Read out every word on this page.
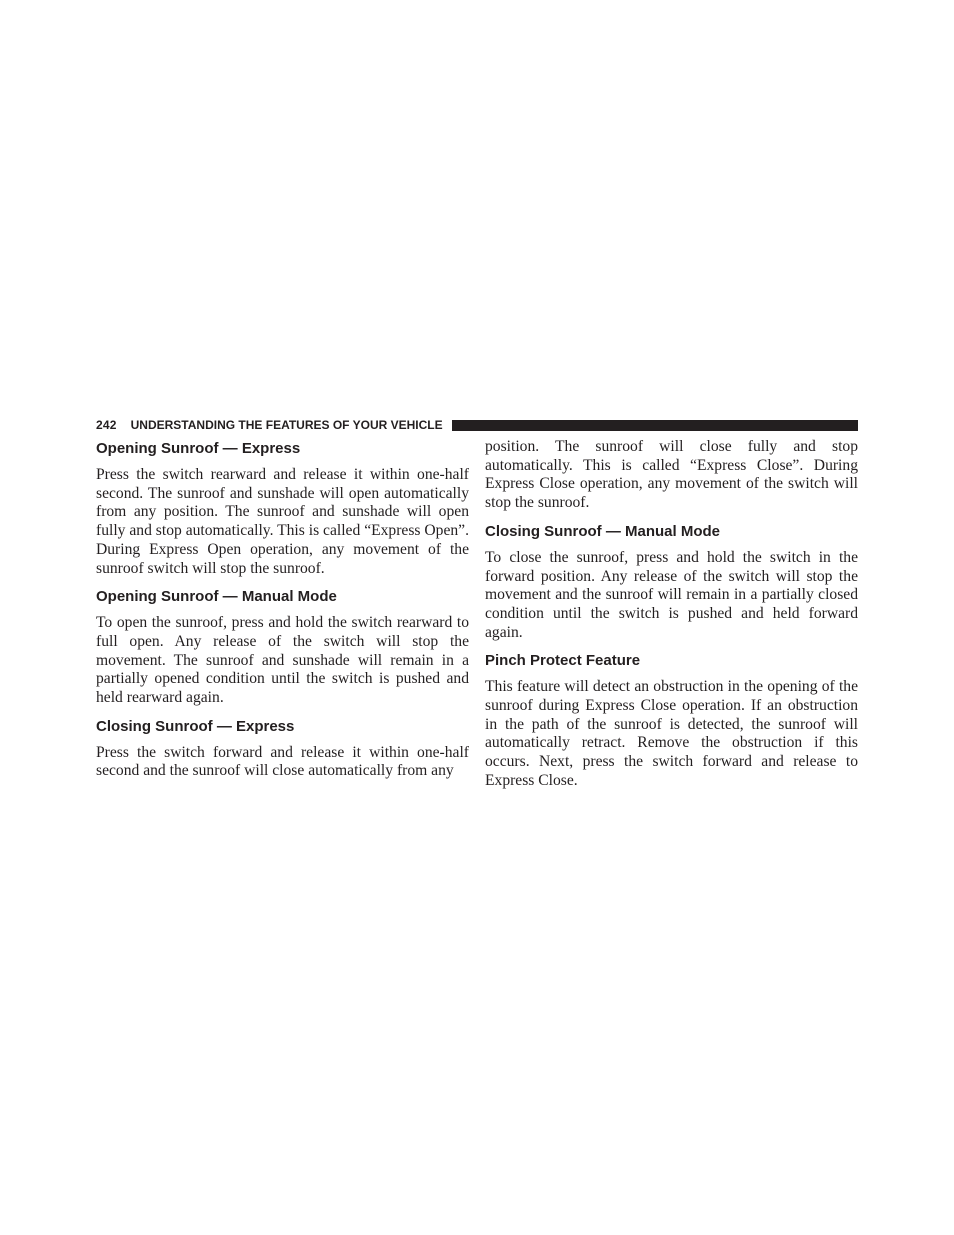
242 UNDERSTANDING THE FEATURES OF YOUR VEHICLE
Opening Sunroof — Express

Press the switch rearward and release it within one-half second. The sunroof and sunshade will open automatically from any position. The sunroof and sunshade will open fully and stop automatically. This is called “Express Open”. During Express Open operation, any movement of the sunroof switch will stop the sunroof.

Opening Sunroof — Manual Mode

To open the sunroof, press and hold the switch rearward to full open. Any release of the switch will stop the movement. The sunroof and sunshade will remain in a partially opened condition until the switch is pushed and held rearward again.

Closing Sunroof — Express

Press the switch forward and release it within one-half second and the sunroof will close automatically from any

position. The sunroof will close fully and stop automatically. This is called “Express Close”. During Express Close operation, any movement of the switch will stop the sunroof.

Closing Sunroof — Manual Mode

To close the sunroof, press and hold the switch in the forward position. Any release of the switch will stop the movement and the sunroof will remain in a partially closed condition until the switch is pushed and held forward again.

Pinch Protect Feature

This feature will detect an obstruction in the opening of the sunroof during Express Close operation. If an obstruction in the path of the sunroof is detected, the sunroof will automatically retract. Remove the obstruction if this occurs. Next, press the switch forward and release to Express Close.
